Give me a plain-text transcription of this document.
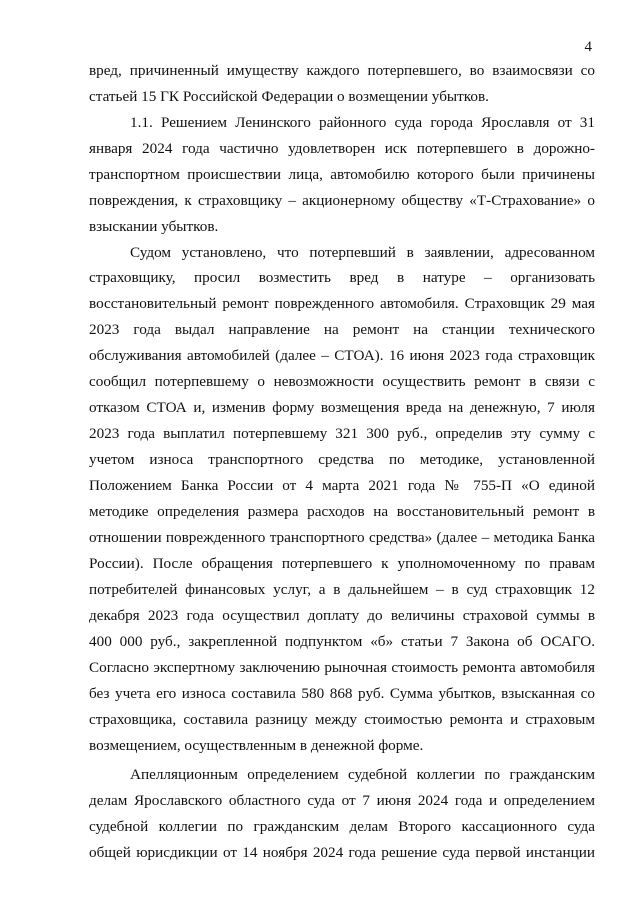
4
вред, причиненный имуществу каждого потерпевшего, во взаимосвязи со
статьей 15 ГК Российской Федерации о возмещении убытков.
1.1. Решением Ленинского районного суда города Ярославля от 31
января 2024 года частично удовлетворен иск потерпевшего в дорожно-
транспортном происшествии лица, автомобилю которого были причинены
повреждения, к страховщику – акционерному обществу «Т-Страхование» о
взыскании убытков.
Судом установлено, что потерпевший в заявлении, адресованном
страховщику, просил возместить вред в натуре – организовать
восстановительный ремонт поврежденного автомобиля. Страховщик 29 мая
2023 года выдал направление на ремонт на станции технического
обслуживания автомобилей (далее – СТОА). 16 июня 2023 года страховщик
сообщил потерпевшему о невозможности осуществить ремонт в связи с
отказом СТОА и, изменив форму возмещения вреда на денежную, 7 июля
2023 года выплатил потерпевшему 321 300 руб., определив эту сумму с
учетом износа транспортного средства по методике, установленной
Положением Банка России от 4 марта 2021 года № 755-П «О единой
методике определения размера расходов на восстановительный ремонт в
отношении поврежденного транспортного средства» (далее – методика Банка
России). После обращения потерпевшего к уполномоченному по правам
потребителей финансовых услуг, а в дальнейшем – в суд страховщик 12
декабря 2023 года осуществил доплату до величины страховой суммы в
400 000 руб., закрепленной подпунктом «б» статьи 7 Закона об ОСАГО.
Согласно экспертному заключению рыночная стоимость ремонта автомобиля
без учета его износа составила 580 868 руб. Сумма убытков, взысканная со
страховщика, составила разницу между стоимостью ремонта и страховым
возмещением, осуществленным в денежной форме.
Апелляционным определением судебной коллегии по гражданским
делам Ярославского областного суда от 7 июня 2024 года и определением
судебной коллегии по гражданским делам Второго кассационного суда
общей юрисдикции от 14 ноября 2024 года решение суда первой инстанции
